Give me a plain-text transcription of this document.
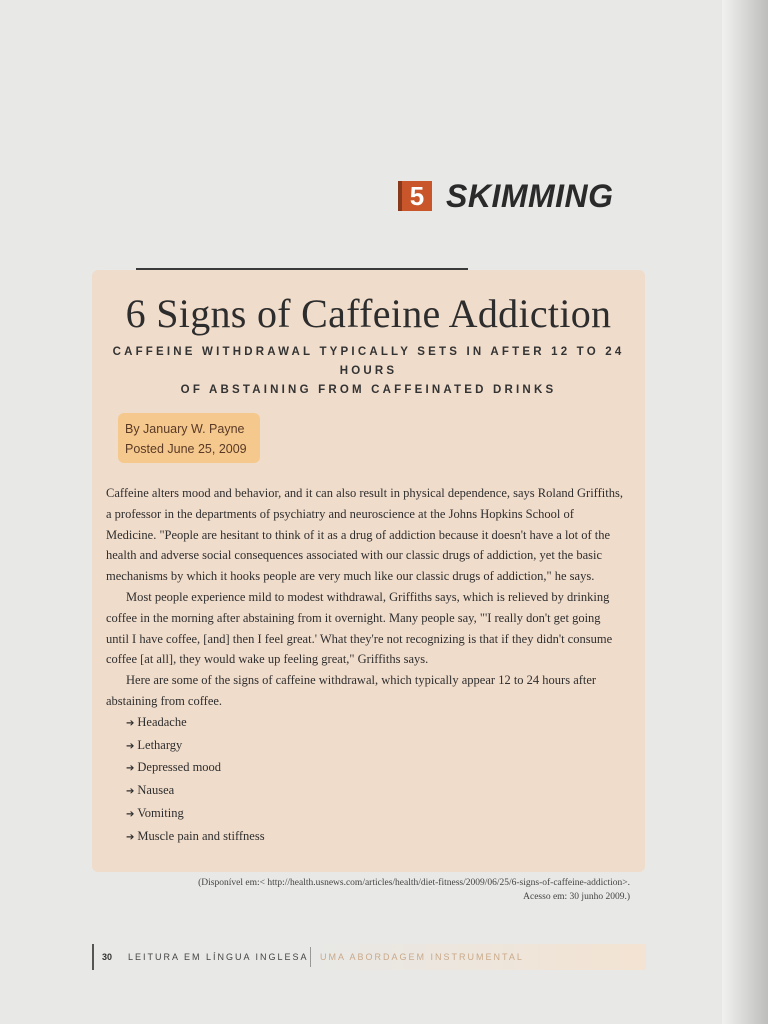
5 SKIMMING
6 Signs of Caffeine Addiction
CAFFEINE WITHDRAWAL TYPICALLY SETS IN AFTER 12 TO 24 HOURS
OF ABSTAINING FROM CAFFEINATED DRINKS
By January W. Payne
Posted June 25, 2009

Caffeine alters mood and behavior, and it can also result in physical dependence, says Roland Griffiths, a professor in the departments of psychiatry and neuroscience at the Johns Hopkins School of Medicine. "People are hesitant to think of it as a drug of addiction because it doesn't have a lot of the health and adverse social consequences associated with our classic drugs of addiction, yet the basic mechanisms by which it hooks people are very much like our classic drugs of addiction," he says.

Most people experience mild to modest withdrawal, Griffiths says, which is relieved by drinking coffee in the morning after abstaining from it overnight. Many people say, "'I really don't get going until I have coffee, [and] then I feel great.' What they're not recognizing is that if they didn't consume coffee [at all], they would wake up feeling great," Griffiths says.

Here are some of the signs of caffeine withdrawal, which typically appear 12 to 24 hours after abstaining from coffee.

➔ Headache
➔ Lethargy
➔ Depressed mood
➔ Nausea
➔ Vomiting
➔ Muscle pain and stiffness
(Disponível em:< http://health.usnews.com/articles/health/diet-fitness/2009/06/25/6-signs-of-caffeine-addiction>.
Acesso em: 30 junho 2009.)
30 LEITURA EM LÍNGUA INGLESA UMA ABORDAGEM INSTRUMENTAL
